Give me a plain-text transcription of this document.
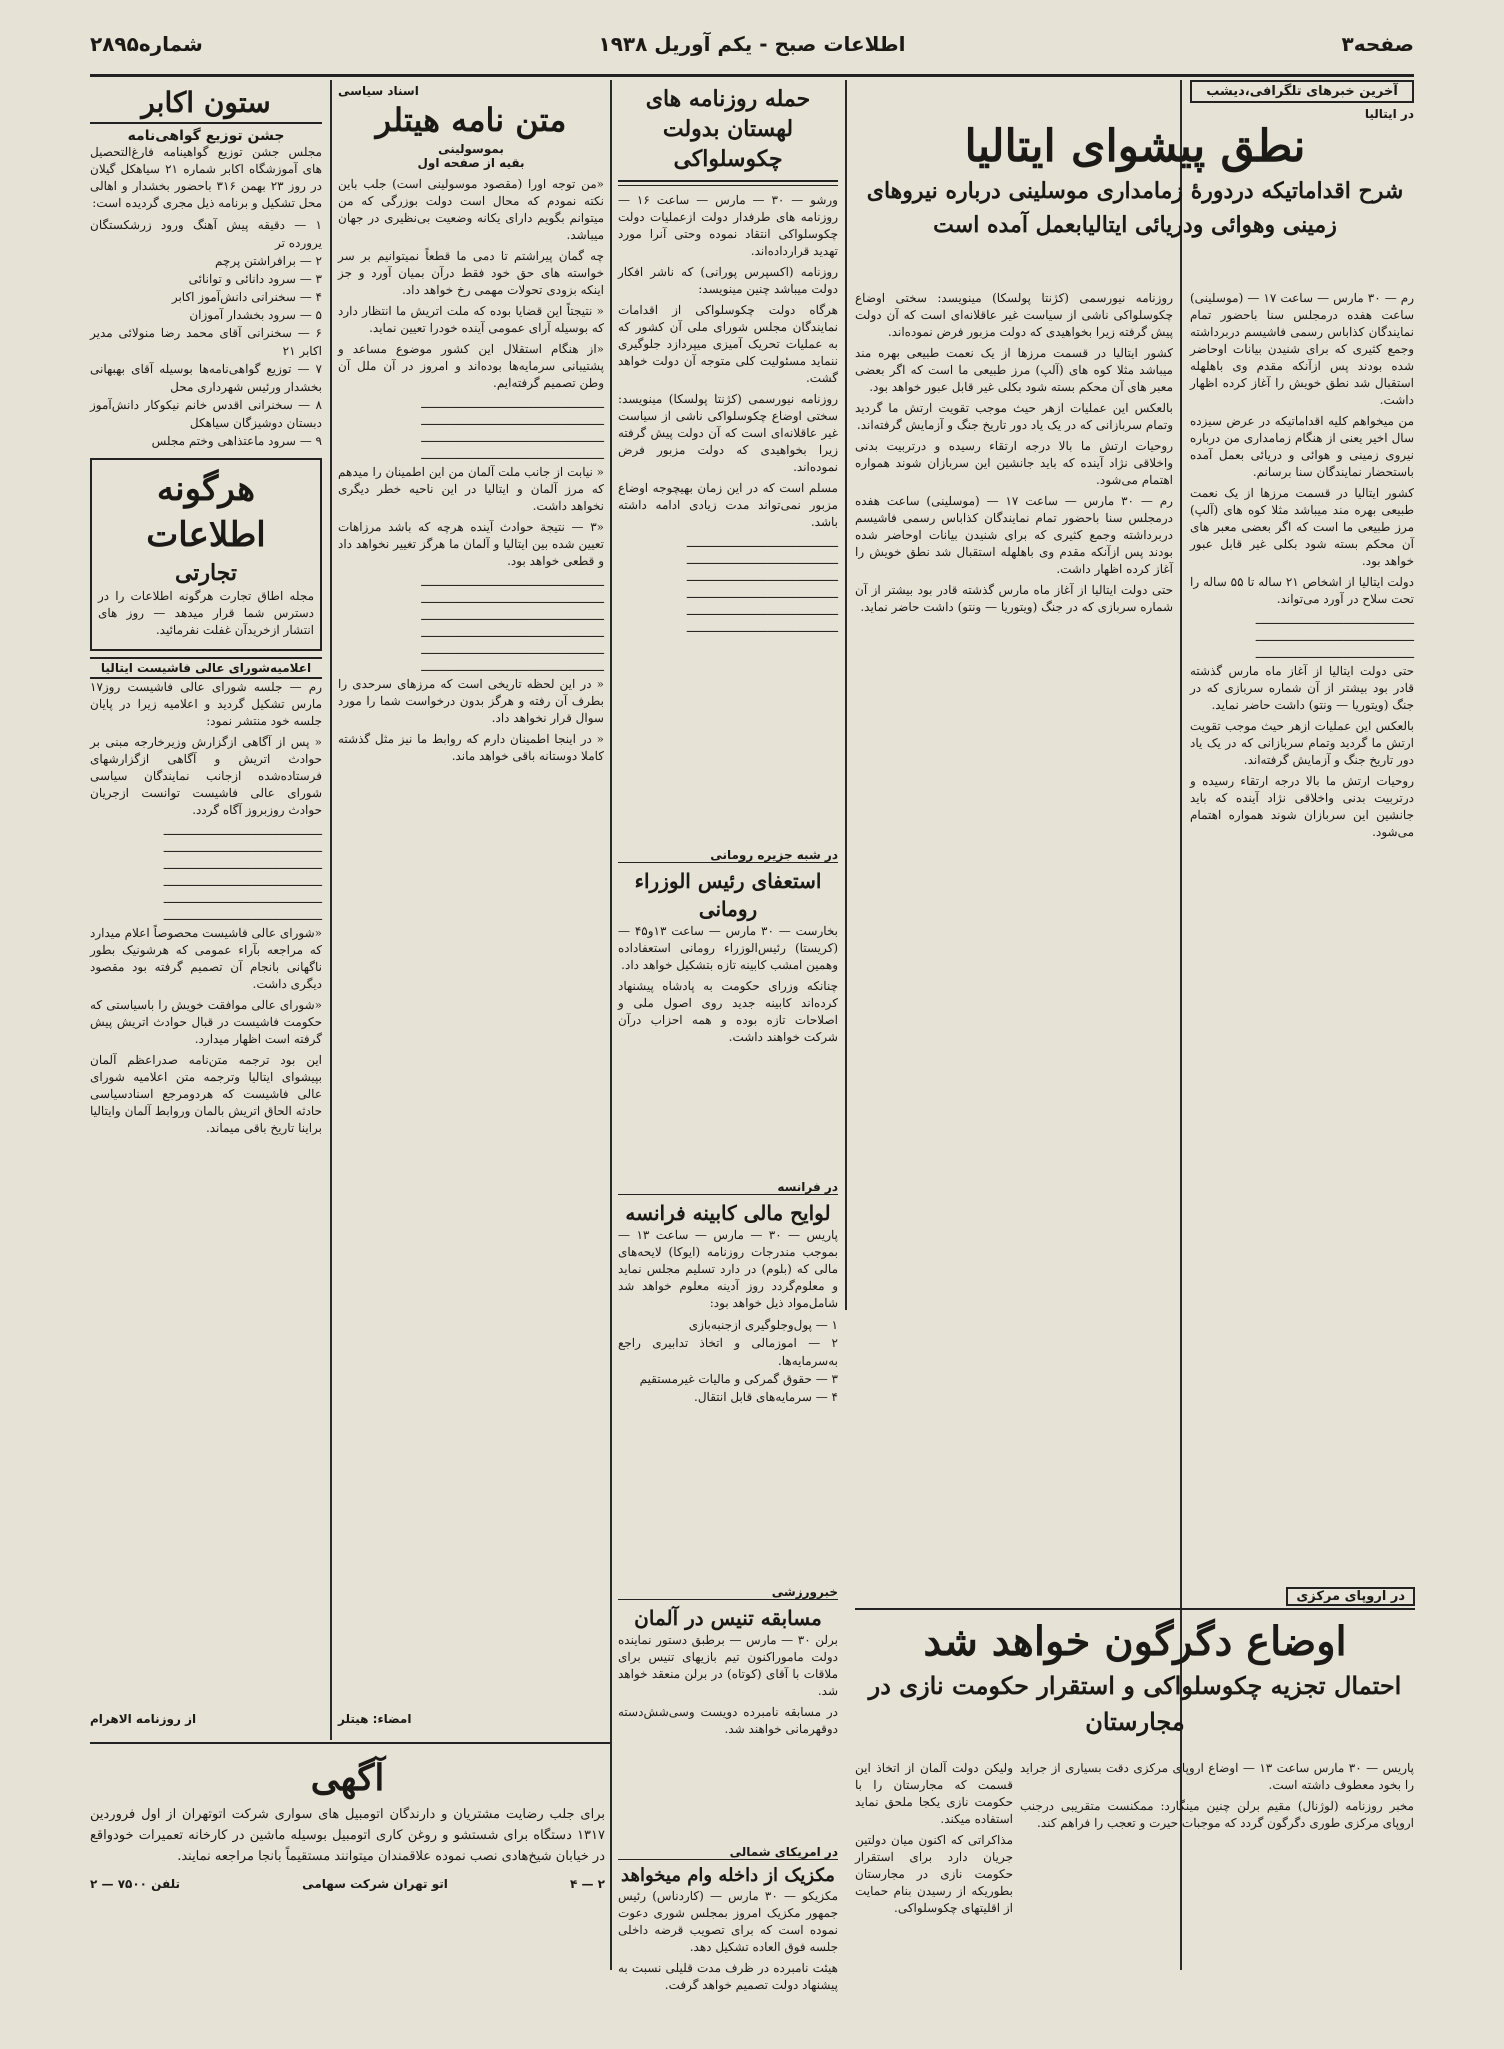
صفحه۳
اطلاعات صبح - یکم آوریل ۱۹۳۸
شماره۲۸۹۵
آخرین خبرهای تلگرافی،دیشب
در ایتالیا
نطق پیشوای ایتالیا
شرح اقداماتیکه دردورهٔ زمامداری موسلینی درباره نیروهای زمینی وهوائی ودریائی ایتالیابعمل آمده است

رم — ۳۰ مارس — ساعت ۱۷ — (موسلینی) ساعت هفده درمجلس سنا باحضور تمام نمایندگان کذاباس رسمی فاشیسم دربرداشته وجمع کثیری که برای شنیدن بیانات اوحاضر شده بودند پس ازآنکه مقدم وی باهلهله استقبال شد نطق خویش را آغاز کرده اظهار داشت.

من میخواهم کلیه اقداماتیکه در عرض سیزده سال اخیر یعنی از هنگام زمامداری من درباره نیروی زمینی و هوائی و دریائی بعمل آمده باستحضار نمایندگان سنا برسانم.

کشور ایتالیا در قسمت مرزها از یک نعمت طبیعی بهره مند میباشد مثلا کوه های (آلپ) مرز طبیعی ما است که اگر بعضی معبر های آن محکم بسته شود بکلی غیر قابل عبور خواهد بود.

دولت ایتالیا از اشخاص ۲۱ ساله تا ۵۵ ساله را تحت سلاح در آورد می‌تواند.

ـــــــــــــــــــــــــــــــــــــــــــــ
ـــــــــــــــــــــــــــــــــــــــــــــ
ـــــــــــــــــــــــــــــــــــــــــــــ

حتی دولت ایتالیا از آغاز ماه مارس گذشته قادر بود بیشتر از آن شماره سربازی که در جنگ (ویتوریا — ونتو) داشت حاضر نماید.

بالعکس این عملیات ازهر حیث موجب تقویت ارتش ما گردید وتمام سربازانی که در یک یاد دور تاریخ جنگ و آزمایش گرفته‌اند.

روحیات ارتش ما بالا درجه ارتقاء رسیده و درتربیت بدنی واخلاقی نژاد آینده که باید جانشین این سربازان شوند همواره اهتمام می‌شود.

روزنامه نیورسمی (کژنتا پولسکا) مینویسد: سختی اوضاع چکوسلواکی ناشی از سیاست غیر عاقلانه‌ای است که آن دولت پیش گرفته زیرا بخواهیدی که دولت مزبور فرض نموده‌اند.

کشور ایتالیا در قسمت مرزها از یک نعمت طبیعی بهره مند میباشد مثلا کوه های (آلپ) مرز طبیعی ما است که اگر بعضی معبر های آن محکم بسته شود بکلی غیر قابل عبور خواهد بود.

بالعکس این عملیات ازهر حیث موجب تقویت ارتش ما گردید وتمام سربازانی که در یک یاد دور تاریخ جنگ و آزمایش گرفته‌اند.

روحیات ارتش ما بالا درجه ارتقاء رسیده و درتربیت بدنی واخلاقی نژاد آینده که باید جانشین این سربازان شوند همواره اهتمام می‌شود.

رم — ۳۰ مارس — ساعت ۱۷ — (موسلینی) ساعت هفده درمجلس سنا باحضور تمام نمایندگان کذاباس رسمی فاشیسم دربرداشته وجمع کثیری که برای شنیدن بیانات اوحاضر شده بودند پس ازآنکه مقدم وی باهلهله استقبال شد نطق خویش را آغاز کرده اظهار داشت.

حتی دولت ایتالیا از آغاز ماه مارس گذشته قادر بود بیشتر از آن شماره سربازی که در جنگ (ویتوریا — ونتو) داشت حاضر نماید.

در اروپای مرکزی
اوضاع دگرگون خواهد شد
احتمال تجزیه چکوسلواکی و استقرار حکومت نازی در مجارستان

پاریس — ۳۰ مارس ساعت ۱۳ — اوضاع اروپای مرکزی دقت بسیاری از جراید را بخود معطوف داشته است.

مخبر روزنامه (لوژنال) مقیم برلن چنین مینگارد: ممکنست متقریبی درجنب اروپای مرکزی طوری دگرگون گردد که موجبات حیرت و تعجب را فراهم کند.

ولیکن دولت آلمان از اتخاذ این قسمت که مجارستان را با حکومت نازی یکجا ملحق نماید استفاده میکند.

مذاکراتی که اکنون میان دولتین جریان دارد برای استقرار حکومت نازی در مجارستان بطوریکه از رسیدن بنام حمایت از اقلیتهای چکوسلواکی.

حمله روزنامه های لهستان بدولت چکوسلواکی

ورشو — ۳۰ — مارس — ساعت ۱۶ — روزنامه های طرفدار دولت ازعملیات دولت چکوسلواکی انتقاد نموده وحتی آنرا مورد تهدید قرارداده‌اند.

روزنامه (اکسپرس پورانی) که ناشر افکار دولت میباشد چنین مینویسد:

هرگاه دولت چکوسلواکی از اقدامات نمایندگان مجلس شورای ملی آن کشور که به عملیات تحریک آمیزی میپردازد جلوگیری ننماید مسئولیت کلی متوجه آن دولت خواهد گشت.

روزنامه نیورسمی (کژنتا پولسکا) مینویسد: سختی اوضاع چکوسلواکی ناشی از سیاست غیر عاقلانه‌ای است که آن دولت پیش گرفته زیرا بخواهیدی که دولت مزبور فرض نموده‌اند.

مسلم است که در این زمان بهیچوجه اوضاع مزبور نمی‌تواند مدت زیادی ادامه داشته باشد.

ـــــــــــــــــــــــــــــــــــــــــــ
ـــــــــــــــــــــــــــــــــــــــــــ
ـــــــــــــــــــــــــــــــــــــــــــ
ـــــــــــــــــــــــــــــــــــــــــــ
ـــــــــــــــــــــــــــــــــــــــــــ
ـــــــــــــــــــــــــــــــــــــــــــ
در شبه جزیره رومانی
استعفای رئیس الوزراء رومانی

بخارست — ۳۰ مارس — ساعت ۱۳و۴۵ — (کریستا) رئیس‌الوزراء رومانی استعفاداده وهمین امشب کابینه تازه بتشکیل خواهد داد.

چنانکه وزرای حکومت به پادشاه پیشنهاد کرده‌اند کابینه جدید روی اصول ملی و اصلاحات تازه بوده و همه احزاب درآن شرکت خواهند داشت.

در فرانسه
لوایح مالی کابینه فرانسه

پاریس — ۳۰ — مارس — ساعت ۱۳ — بموجب مندرجات روزنامه (ایوکا) لایحه‌های مالی که (بلوم) در دارد تسلیم مجلس نماید و معلوم‌گردد روز آدینه معلوم خواهد شد شامل‌مواد ذیل خواهد بود:

۱ — پول‌وجلوگیری ازجنبه‌بازی
۲ — اموزمالی و اتخاذ تدابیری راجع به‌سرمایه‌ها.
۳ — حقوق گمرکی و مالیات غیرمستقیم
۴ — سرمایه‌های قابل انتقال.
خبرورزشی
مسابقه تنیس در آلمان

برلن ۳۰ — مارس — برطبق دستور نماینده دولت ماموراکنون تیم بازیهای تنیس برای ملاقات با آقای (کوتاه) در برلن منعقد خواهد شد.

در مسابقه نامبرده دویست وسی‌شش‌دسته دوقهرمانی خواهند شد.

در امریکای شمالی
مکزیک از داخله وام میخواهد

مکزیکو — ۳۰ مارس — (کاردناس) رئیس جمهور مکزیک امروز بمجلس شوری دعوت نموده است که برای تصویب قرضه داخلی جلسه فوق العاده تشکیل دهد.

هیئت نامبرده در ظرف مدت قلیلی نسبت به پیشنهاد دولت تصمیم خواهد گرفت.

اسناد سیاسی
متن نامه هیتلر
بموسولینی
بقیه از صفحه اول

«من توجه اورا (مقصود موسولینی است) جلب باین نکته نمودم که محال است دولت بوزرگی که من میتوانم بگویم دارای یکانه وضعیت بی‌نظیری در جهان میباشد.

چه گمان پیراشتم تا دمی ما قطعاً نمیتوانیم بر سر خواسته های حق خود فقط درآن بمیان آورد و جز اینکه بزودی تحولات مهمی رخ خواهد داد.

« نتیجتاً این قضایا بوده که ملت اتریش ما انتظار دارد که بوسیله آرای عمومی آینده خودرا تعیین نماید.

«از هنگام استقلال این کشور موضوع مساعد و پشتیبانی سرمایه‌ها بوده‌اند و امروز در آن ملل آن وطن تصمیم گرفته‌ایم.

ــــــــــــــــــــــــــــــــــــــــــــــــــــ
ــــــــــــــــــــــــــــــــــــــــــــــــــــ
ــــــــــــــــــــــــــــــــــــــــــــــــــــ
ــــــــــــــــــــــــــــــــــــــــــــــــــــ

« نیابت از جانب ملت آلمان من این اطمینان را میدهم که مرز آلمان و ایتالیا در این ناحیه خطر دیگری نخواهد داشت.

«۳ — نتیجة حوادث آینده هرچه که باشد مرزاهات تعیین شده بین ایتالیا و آلمان ما هرگز تغییر نخواهد داد و قطعی خواهد بود.

ــــــــــــــــــــــــــــــــــــــــــــــــــــ
ــــــــــــــــــــــــــــــــــــــــــــــــــــ
ــــــــــــــــــــــــــــــــــــــــــــــــــــ
ــــــــــــــــــــــــــــــــــــــــــــــــــــ
ــــــــــــــــــــــــــــــــــــــــــــــــــــ
ــــــــــــــــــــــــــــــــــــــــــــــــــــ

« در این لحظه تاریخی است که مرزهای سرحدی را بطرف آن رفته و هرگز بدون درخواست شما را مورد سوال قرار نخواهد داد.

« در اینجا اطمینان دارم که روابط ما نیز مثل گذشته کاملا دوستانه باقی خواهد ماند.

امضاء: هیتلر
ستون اکابر
جشن توزیع گواهی‌نامه

مجلس جشن توزیع گواهینامه فارغ‌التحصیل های آموزشگاه اکابر شماره ۲۱ سیاهکل گیلان در روز ۲۳ بهمن ۳۱۶ باحضور بخشدار و اهالی محل تشکیل و برنامه ذیل مجری گردیده است:

۱ — دقیقه پیش آهنگ ورود زرشکستگان یرورده تر
۲ — برافراشتن پرچم
۳ — سرود دانائی و توانائی
۴ — سخنرانی دانش‌آموز اکابر
۵ — سرود بخشدار آموزان
۶ — سخنرانی آقای محمد رضا منولائی مدیر اکابر ۲۱
۷ — توزیع گواهی‌نامه‌ها بوسیله آقای بهبهانی بخشدار ورئیس شهرداری محل
۸ — سخنرانی اقدس خانم نیکوکار دانش‌آموز دبستان دوشیزگان سیاهکل
۹ — سرود ماعتذاهی وختم مجلس
هرگونه اطلاعات
تجارتی

مجله اطاق تجارت هرگونه اطلاعات را در دسترس شما قرار میدهد — روز های انتشار ازخریدآن غفلت نفرمائید.

اعلامیه‌شورای عالی فاشیست ایتالیا

رم — جلسه شورای عالی فاشیست روز۱۷ مارس تشکیل گردید و اعلامیه زیرا در پایان جلسه خود منتشر نمود:

« پس از آگاهی ازگزارش وزیرخارجه مبنی بر حوادث اتریش و آگاهی ازگزارشهای فرستاده‌شده ازجانب نمایندگان سیاسی شورای عالی فاشیست توانست ازجریان حوادث روزبروز آگاه گردد.

ـــــــــــــــــــــــــــــــــــــــــــــ
ـــــــــــــــــــــــــــــــــــــــــــــ
ـــــــــــــــــــــــــــــــــــــــــــــ
ـــــــــــــــــــــــــــــــــــــــــــــ
ـــــــــــــــــــــــــــــــــــــــــــــ
ـــــــــــــــــــــــــــــــــــــــــــــ

«شورای عالی فاشیست محصوصاً اعلام میدارد که مراجعه بآراء عمومی که هرشونیک بطور ناگهانی بانجام آن تصمیم گرفته بود مقصود دیگری داشت.

«شورای عالی موافقت خویش را باسیاستی که حکومت فاشیست در قبال حوادث اتریش پیش گرفته است اظهار میدارد.

این بود ترجمه متن‌نامه صدراعظم آلمان بپیشوای ایتالیا وترجمه متن اعلامیه شورای عالی فاشیست که هردومرجع اسنادسیاسی حادثه الحاق اتریش بالمان وروابط آلمان وایتالیا براینا تاریخ باقی میماند.

از روزنامه الاهرام
آگهی

برای جلب رضایت مشتریان و دارندگان اتومبیل های سواری شرکت اتوتهران از اول فروردین ۱۳۱۷ دستگاه برای شستشو و روغن کاری اتومبیل بوسیله ماشین در کارخانه تعمیرات خودواقع در خیابان شیخ‌هادی نصب نموده علاقمندان میتوانند مستقیماً بانجا مراجعه نمایند.

۲ — ۴
اتو تهران شرکت سهامی
تلفن ۷۵۰۰ — ۲
